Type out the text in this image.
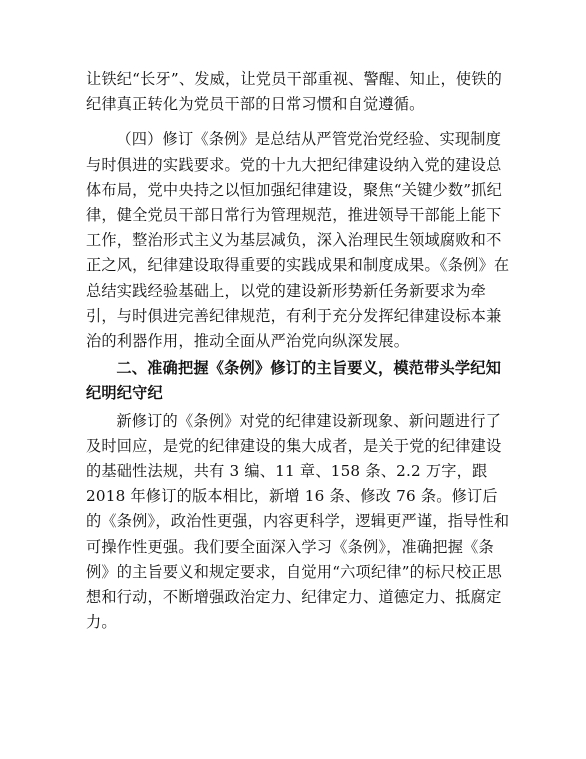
让铁纪“长牙”、发威，让党员干部重视、警醒、知止，使铁的纪律真正转化为党员干部的日常习惯和自觉遵循。

（四）修订《条例》是总结从严管党治党经验、实现制度与时俱进的实践要求。党的十九大把纪律建设纳入党的建设总体布局，党中央持之以恒加强纪律建设，聚焦“关键少数”抓纪律，健全党员干部日常行为管理规范，推进领导干部能上能下工作，整治形式主义为基层减负，深入治理民生领域腐败和不正之风，纪律建设取得重要的实践成果和制度成果。《条例》在总结实践经验基础上，以党的建设新形势新任务新要求为牵引，与时俱进完善纪律规范，有利于充分发挥纪律建设标本兼治的利器作用，推动全面从严治党向纵深发展。

二、准确把握《条例》修订的主旨要义，模范带头学纪知纪明纪守纪

新修订的《条例》对党的纪律建设新现象、新问题进行了及时回应，是党的纪律建设的集大成者，是关于党的纪律建设的基础性法规，共有 3 编、11 章、158 条、2.2 万字，跟 2018 年修订的版本相比，新增 16 条、修改 76 条。修订后的《条例》，政治性更强，内容更科学，逻辑更严谨，指导性和可操作性更强。我们要全面深入学习《条例》，准确把握《条例》的主旨要义和规定要求，自觉用“六项纪律”的标尺校正思想和行动，不断增强政治定力、纪律定力、道德定力、抵腐定力。
